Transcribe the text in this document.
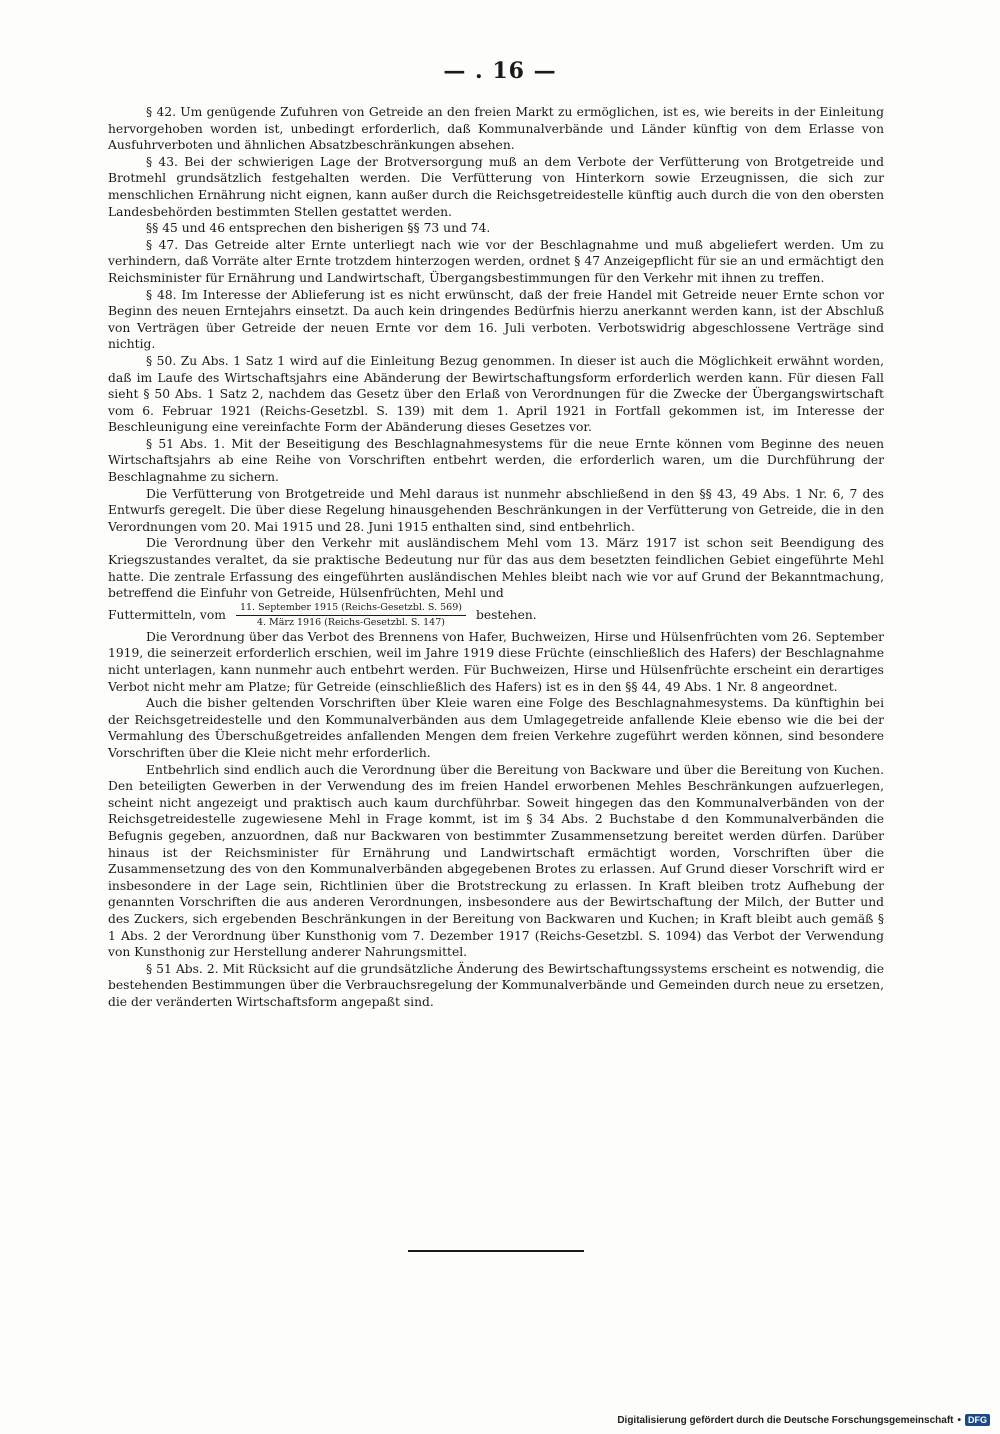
— . 16 —

§ 42. Um genügende Zufuhren von Getreide an den freien Markt zu ermöglichen, ist es, wie bereits in der Einleitung hervorgehoben worden ist, unbedingt erforderlich, daß Kommunalverbände und Länder künftig von dem Erlasse von Ausfuhrverboten und ähnlichen Absatzbeschränkungen absehen.

§ 43. Bei der schwierigen Lage der Brotversorgung muß an dem Verbote der Verfütterung von Brotgetreide und Brotmehl grundsätzlich festgehalten werden. Die Verfütterung von Hinterkorn sowie Erzeugnissen, die sich zur menschlichen Ernährung nicht eignen, kann außer durch die Reichsgetreidestelle künftig auch durch die von den obersten Landesbehörden bestimmten Stellen gestattet werden.

§§ 45 und 46 entsprechen den bisherigen §§ 73 und 74.

§ 47. Das Getreide alter Ernte unterliegt nach wie vor der Beschlagnahme und muß abgeliefert werden. Um zu verhindern, daß Vorräte alter Ernte trotzdem hinterzogen werden, ordnet § 47 Anzeigepflicht für sie an und ermächtigt den Reichsminister für Ernährung und Landwirtschaft, Übergangsbestimmungen für den Verkehr mit ihnen zu treffen.

§ 48. Im Interesse der Ablieferung ist es nicht erwünscht, daß der freie Handel mit Getreide neuer Ernte schon vor Beginn des neuen Erntejahrs einsetzt. Da auch kein dringendes Bedürfnis hierzu anerkannt werden kann, ist der Abschluß von Verträgen über Getreide der neuen Ernte vor dem 16. Juli verboten. Verbotswidrig abgeschlossene Verträge sind nichtig.

§ 50. Zu Abs. 1 Satz 1 wird auf die Einleitung Bezug genommen. In dieser ist auch die Möglichkeit erwähnt worden, daß im Laufe des Wirtschaftsjahrs eine Abänderung der Bewirtschaftungsform erforderlich werden kann. Für diesen Fall sieht § 50 Abs. 1 Satz 2, nachdem das Gesetz über den Erlaß von Verordnungen für die Zwecke der Übergangswirtschaft vom 6. Februar 1921 (Reichs-Gesetzbl. S. 139) mit dem 1. April 1921 in Fortfall gekommen ist, im Interesse der Beschleunigung eine vereinfachte Form der Abänderung dieses Gesetzes vor.

§ 51 Abs. 1. Mit der Beseitigung des Beschlagnahmesystems für die neue Ernte können vom Beginne des neuen Wirtschaftsjahrs ab eine Reihe von Vorschriften entbehrt werden, die erforderlich waren, um die Durchführung der Beschlagnahme zu sichern.

Die Verfütterung von Brotgetreide und Mehl daraus ist nunmehr abschließend in den §§ 43, 49 Abs. 1 Nr. 6, 7 des Entwurfs geregelt. Die über diese Regelung hinausgehenden Beschränkungen in der Verfütterung von Getreide, die in den Verordnungen vom 20. Mai 1915 und 28. Juni 1915 enthalten sind, sind entbehrlich.

Die Verordnung über den Verkehr mit ausländischem Mehl vom 13. März 1917 ist schon seit Beendigung des Kriegszustandes veraltet, da sie praktische Bedeutung nur für das aus dem besetzten feindlichen Gebiet eingeführte Mehl hatte. Die zentrale Erfassung des eingeführten ausländischen Mehles bleibt nach wie vor auf Grund der Bekanntmachung, betreffend die Einfuhr von Getreide, Hülsenfrüchten, Mehl und

Futtermitteln, vom $\frac{\text{11. September 1915 (Reichs-Gesetzbl. S. 569)}}{\text{4. März 1916 (Reichs-Gesetzbl. S. 147)}}$ bestehen.

Die Verordnung über das Verbot des Brennens von Hafer, Buchweizen, Hirse und Hülsenfrüchten vom 26. September 1919, die seinerzeit erforderlich erschien, weil im Jahre 1919 diese Früchte (einschließlich des Hafers) der Beschlagnahme nicht unterlagen, kann nunmehr auch entbehrt werden. Für Buchweizen, Hirse und Hülsenfrüchte erscheint ein derartiges Verbot nicht mehr am Platze; für Getreide (einschließlich des Hafers) ist es in den §§ 44, 49 Abs. 1 Nr. 8 angeordnet.

Auch die bisher geltenden Vorschriften über Kleie waren eine Folge des Beschlagnahmesystems. Da künftighin bei der Reichsgetreidestelle und den Kommunalverbänden aus dem Umlagegetreide anfallende Kleie ebenso wie die bei der Vermahlung des Überschußgetreides anfallenden Mengen dem freien Verkehre zugeführt werden können, sind besondere Vorschriften über die Kleie nicht mehr erforderlich.

Entbehrlich sind endlich auch die Verordnung über die Bereitung von Backware und über die Bereitung von Kuchen. Den beteiligten Gewerben in der Verwendung des im freien Handel erworbenen Mehles Beschränkungen aufzuerlegen, scheint nicht angezeigt und praktisch auch kaum durchführbar. Soweit hingegen das den Kommunalverbänden von der Reichsgetreidestelle zugewiesene Mehl in Frage kommt, ist im § 34 Abs. 2 Buchstabe d den Kommunalverbänden die Befugnis gegeben, anzuordnen, daß nur Backwaren von bestimmter Zusammensetzung bereitet werden dürfen. Darüber hinaus ist der Reichsminister für Ernährung und Landwirtschaft ermächtigt worden, Vorschriften über die Zusammensetzung des von den Kommunalverbänden abgegebenen Brotes zu erlassen. Auf Grund dieser Vorschrift wird er insbesondere in der Lage sein, Richtlinien über die Brotstreckung zu erlassen. In Kraft bleiben trotz Aufhebung der genannten Vorschriften die aus anderen Verordnungen, insbesondere aus der Bewirtschaftung der Milch, der Butter und des Zuckers, sich ergebenden Beschränkungen in der Bereitung von Backwaren und Kuchen; in Kraft bleibt auch gemäß § 1 Abs. 2 der Verordnung über Kunsthonig vom 7. Dezember 1917 (Reichs-Gesetzbl. S. 1094) das Verbot der Verwendung von Kunsthonig zur Herstellung anderer Nahrungsmittel.

§ 51 Abs. 2. Mit Rücksicht auf die grundsätzliche Änderung des Bewirtschaftungssystems erscheint es notwendig, die bestehenden Bestimmungen über die Verbrauchsregelung der Kommunalverbände und Gemeinden durch neue zu ersetzen, die der veränderten Wirtschaftsform angepaßt sind.

Digitalisierung gefördert durch die Deutsche Forschungsgemeinschaft • DFG
